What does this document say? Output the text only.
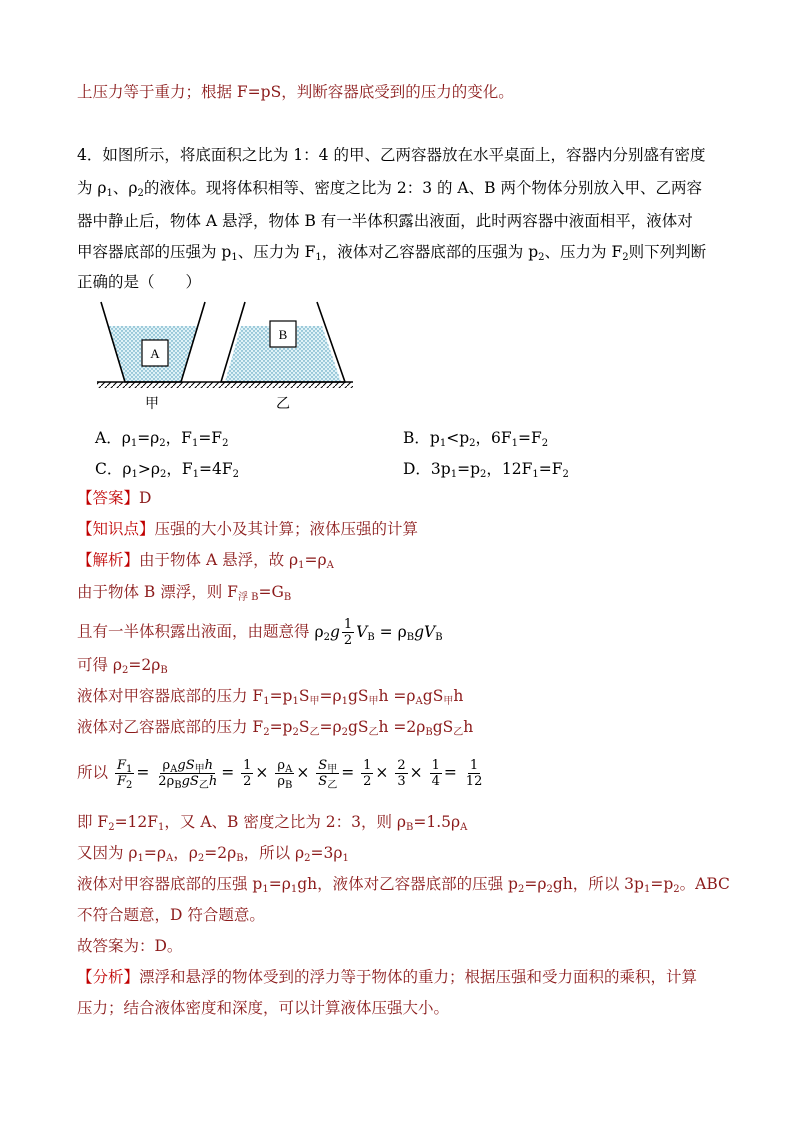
上压力等于重力；根据 F=pS，判断容器底受到的压力的变化。
4．如图所示，将底面积之比为 1：4 的甲、乙两容器放在水平桌面上，容器内分别盛有密度
为 $\rho_1$、$\rho_2$的液体。现将体积相等、密度之比为 2：3 的 A、B 两个物体分别放入甲、乙两容
器中静止后，物体 A 悬浮，物体 B 有一半体积露出液面，此时两容器中液面相平，液体对
甲容器底部的压强为 $p_1$、压力为 $F_1$，液体对乙容器底部的压强为 $p_2$、压力为 $F_2$则下列判断
正确的是（　　）
A
B
甲	乙
A．$\rho_1=\rho_2$，$F_1=F_2$	B．$p_1<p_2$，$6F_1=F_2$
C．$\rho_1>\rho_2$，$F_1=4F_2$	D．$3p_1=p_2$，$12F_1=F_2$
【答案】D
【知识点】压强的大小及其计算；液体压强的计算
【解析】由于物体 A 悬浮，故 $\rho_1=\rho_A$
由于物体 B 漂浮，则 $F_{浮 B}=G_B$
且有一半体积露出液面，由题意得 $\rho_2g \frac{1}{2} V_B = \rho_BgV_B$
可得 $\rho_2=2\rho_B$
液体对甲容器底部的压力 $F_1=p_1S_甲=\rho_1gS_甲h =\rho_AgS_甲h$
液体对乙容器底部的压力 $F_2=p_2S_乙=\rho_2gS_乙h =2\rho_BgS_乙h$
所以 $\frac{F_1}{F_2} = \frac{\rho_AgS_甲h}{2\rho_BgS_乙h} = \frac{1}{2} \times \frac{\rho_A}{\rho_B} \times \frac{S_甲}{S_乙} = \frac{1}{2} \times \frac{2}{3} \times \frac{1}{4} = \frac{1}{12}$
即 $F_2=12F_1$，又 A、B 密度之比为 2：3，则 $\rho_B=1.5\rho_A$
又因为 $\rho_1=\rho_A$，$\rho_2=2\rho_B$，所以 $\rho_2=3\rho_1$
液体对甲容器底部的压强 $p_1=\rho_1gh$，液体对乙容器底部的压强 $p_2=\rho_2gh$，所以 $3p_1=p_2$。ABC
不符合题意，D 符合题意。
故答案为：D。
【分析】漂浮和悬浮的物体受到的浮力等于物体的重力；根据压强和受力面积的乘积，计算
压力；结合液体密度和深度，可以计算液体压强大小。
